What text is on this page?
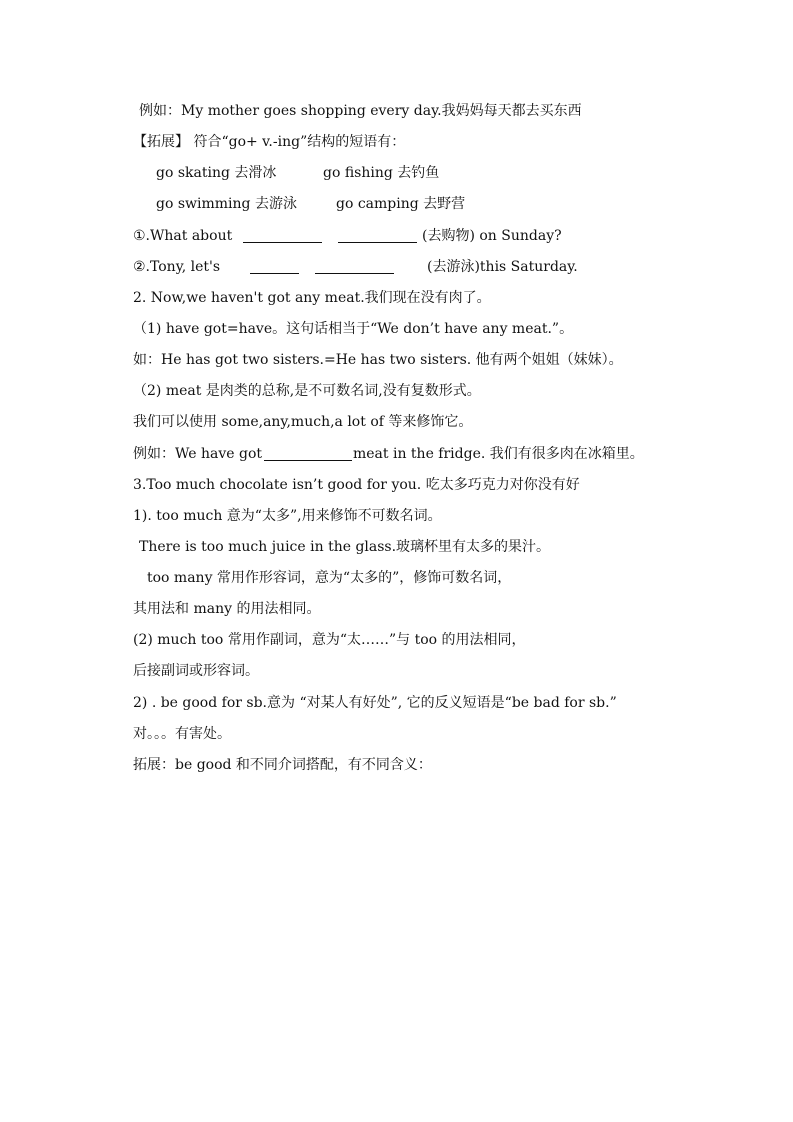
例如：My mother goes shopping every day.我妈妈每天都去买东西
【拓展】 符合“go+ v.-ing”结构的短语有：
go skating 去滑冰	go fishing 去钓鱼
go swimming 去游泳	go camping 去野营
①.What about	(去购物) on Sunday?
②.Tony, let's	(去游泳)this Saturday.
2. Now,we haven't got any meat.我们现在没有肉了。
（1) have got=have。这句话相当于“We don’t have any meat.”。
如：He has got two sisters.=He has two sisters. 他有两个姐姐（妹妹）。
（2) meat 是肉类的总称,是不可数名词,没有复数形式。
我们可以使用 some,any,much,a lot of 等来修饰它。
例如：We have got	meat in the fridge. 我们有很多肉在冰箱里。
3.Too much chocolate isn’t good for you. 吃太多巧克力对你没有好
1). too much 意为“太多”,用来修饰不可数名词。
There is too much juice in the glass.玻璃杯里有太多的果汁。
too many 常用作形容词，意为“太多的”，修饰可数名词，
其用法和 many 的用法相同。
(2) much too 常用作副词，意为“太……”与 too 的用法相同，
后接副词或形容词。
2) . be good for sb.意为 “对某人有好处”, 它的反义短语是“be bad for sb.”
对。。。有害处。
拓展：be good 和不同介词搭配，有不同含义：
